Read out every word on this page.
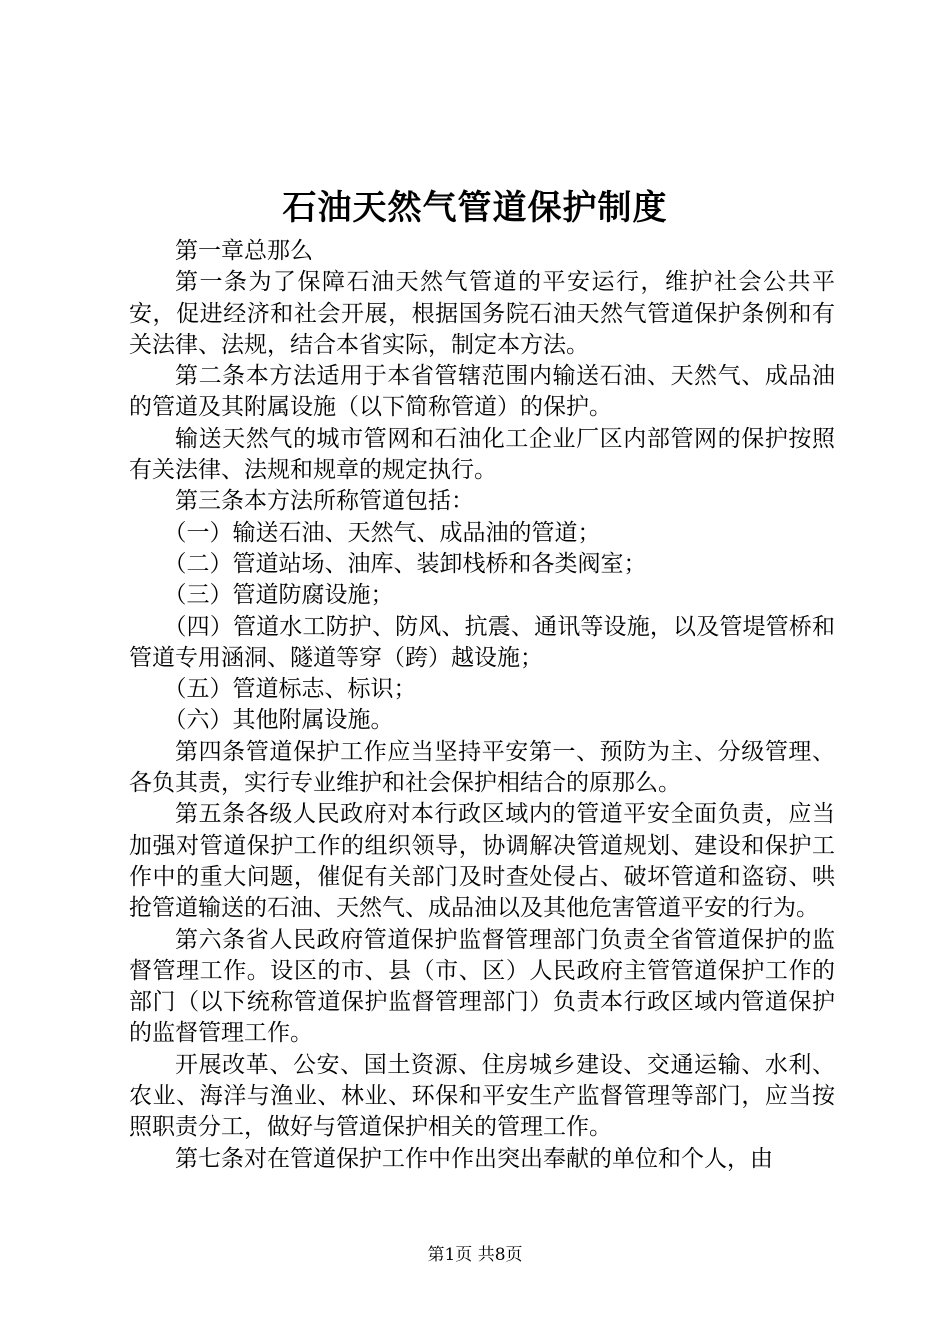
石油天然气管道保护制度

第一章总那么

第一条为了保障石油天然气管道的平安运行，维护社会公共平安，促进经济和社会开展，根据国务院石油天然气管道保护条例和有关法律、法规，结合本省实际，制定本方法。

第二条本方法适用于本省管辖范围内输送石油、天然气、成品油的管道及其附属设施（以下简称管道）的保护。

输送天然气的城市管网和石油化工企业厂区内部管网的保护按照有关法律、法规和规章的规定执行。

第三条本方法所称管道包括：

（一）输送石油、天然气、成品油的管道；

（二）管道站场、油库、装卸栈桥和各类阀室；

（三）管道防腐设施；

（四）管道水工防护、防风、抗震、通讯等设施，以及管堤管桥和管道专用涵洞、隧道等穿（跨）越设施；

（五）管道标志、标识；

（六）其他附属设施。

第四条管道保护工作应当坚持平安第一、预防为主、分级管理、各负其责，实行专业维护和社会保护相结合的原那么。

第五条各级人民政府对本行政区域内的管道平安全面负责，应当加强对管道保护工作的组织领导，协调解决管道规划、建设和保护工作中的重大问题，催促有关部门及时查处侵占、破坏管道和盗窃、哄抢管道输送的石油、天然气、成品油以及其他危害管道平安的行为。

第六条省人民政府管道保护监督管理部门负责全省管道保护的监督管理工作。设区的市、县（市、区）人民政府主管管道保护工作的部门（以下统称管道保护监督管理部门）负责本行政区域内管道保护的监督管理工作。

开展改革、公安、国土资源、住房城乡建设、交通运输、水利、农业、海洋与渔业、林业、环保和平安生产监督管理等部门，应当按照职责分工，做好与管道保护相关的管理工作。

第七条对在管道保护工作中作出突出奉献的单位和个人，由

第1页 共8页
